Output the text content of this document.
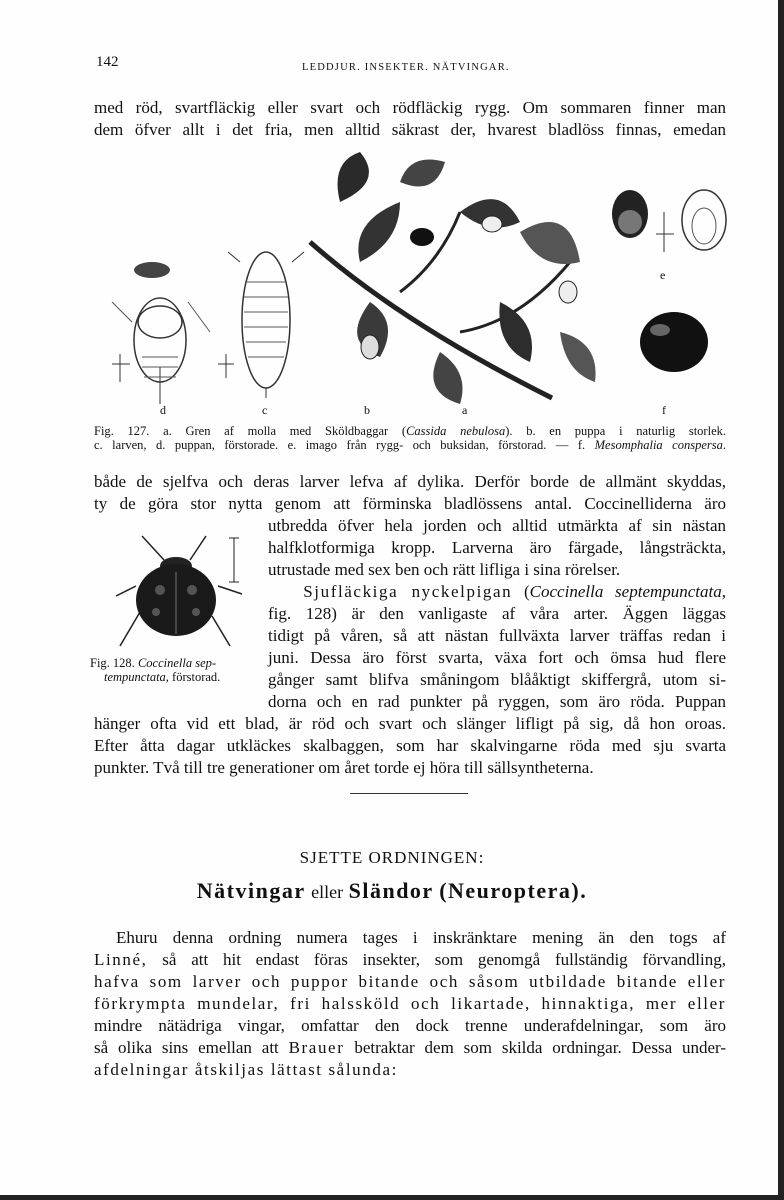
142	LEDDJUR. INSEKTER. NÄTVINGAR.
med röd, svartfläckig eller svart och rödfläckig rygg. Om sommaren finner man
dem öfver allt i det fria, men alltid säkrast der, hvarest bladlöss finnas, emedan
d	c	b	a
e
f
Fig. 127. a. Gren af molla med Sköldbaggar (Cassida nebulosa). b. en puppa i naturlig storlek.
c. larven, d. puppan, förstorade. e. imago från rygg- och buksidan, förstorad. — f. Mesomphalia conspersa.
både de sjelfva och deras larver lefva af dylika. Derför borde de allmänt skyddas,
ty de göra stor nytta genom att förminska bladlössens antal. Coccinelliderna äro
utbredda öfver hela jorden och alltid utmärkta af sin nästan
halfklotformiga kropp. Larverna äro färgade, långsträckta,
utrustade med sex ben och rätt lifliga i sina rörelser.
Sjufläckiga nyckelpigan (Coccinella septempunctata,
fig. 128) är den vanligaste af våra arter. Äggen läggas
tidigt på våren, så att nästan fullväxta larver träffas redan i
juni. Dessa äro först svarta, växa fort och ömsa hud flere
gånger samt blifva småningom blååktigt skiffergrå, utom si-
dorna och en rad punkter på ryggen, som äro röda. Puppan
Fig. 128. Coccinella sep-
tempunctata, förstorad.
hänger ofta vid ett blad, är röd och svart och slänger lifligt på sig, då hon oroas.
Efter åtta dagar utkläckes skalbaggen, som har skalvingarne röda med sju svarta
punkter. Två till tre generationer om året torde ej höra till sällsyntheterna.
SJETTE ORDNINGEN:
Nätvingar eller Sländor (Neuroptera).
Ehuru denna ordning numera tages i inskränktare mening än den togs af
Linné, så att hit endast föras insekter, som genomgå fullständig förvandling,
hafva som larver och puppor bitande och såsom utbildade bitande eller
förkrympta mundelar, fri halssköld och likartade, hinnaktiga, mer eller
mindre nätädriga vingar, omfattar den dock trenne underafdelningar, som äro
så olika sins emellan att Brauer betraktar dem som skilda ordningar. Dessa under-
afdelningar åtskiljas lättast sålunda:
